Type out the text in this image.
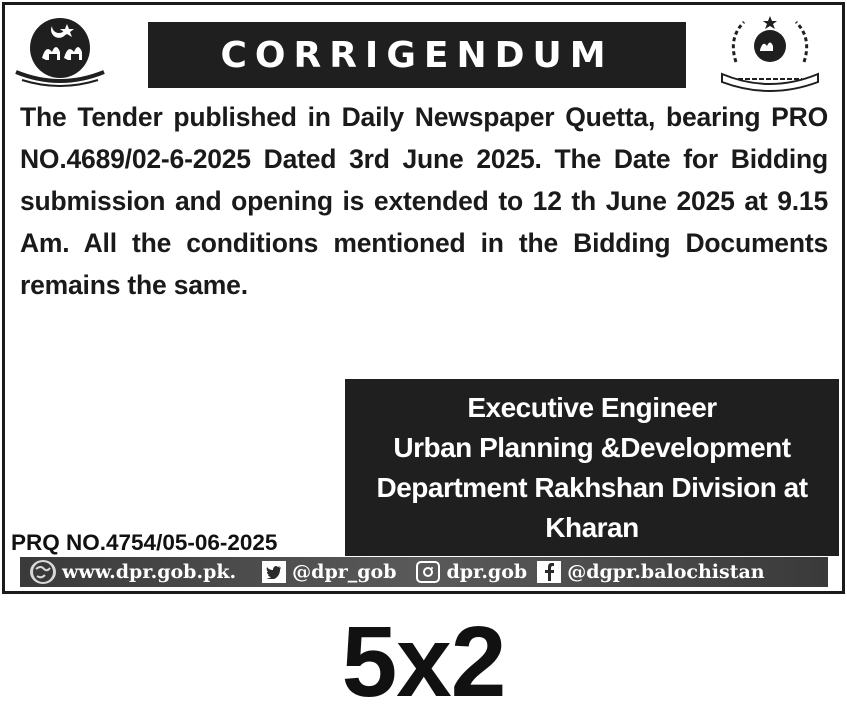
CORRIGENDUM
The Tender published in Daily Newspaper Quetta, bearing PRO NO.4689/02-6-2025 Dated 3rd June 2025. The Date for Bidding submission and opening is extended to 12 th June 2025 at 9.15 Am. All the conditions mentioned in the Bidding Documents remains the same.
Executive Engineer
Urban Planning &Development
Department Rakhshan Division at
Kharan
PRQ NO.4754/05-06-2025
www.dpr.gob.pk.	@dpr_gob	dpr.gob @dgpr.balochistan
5x2
